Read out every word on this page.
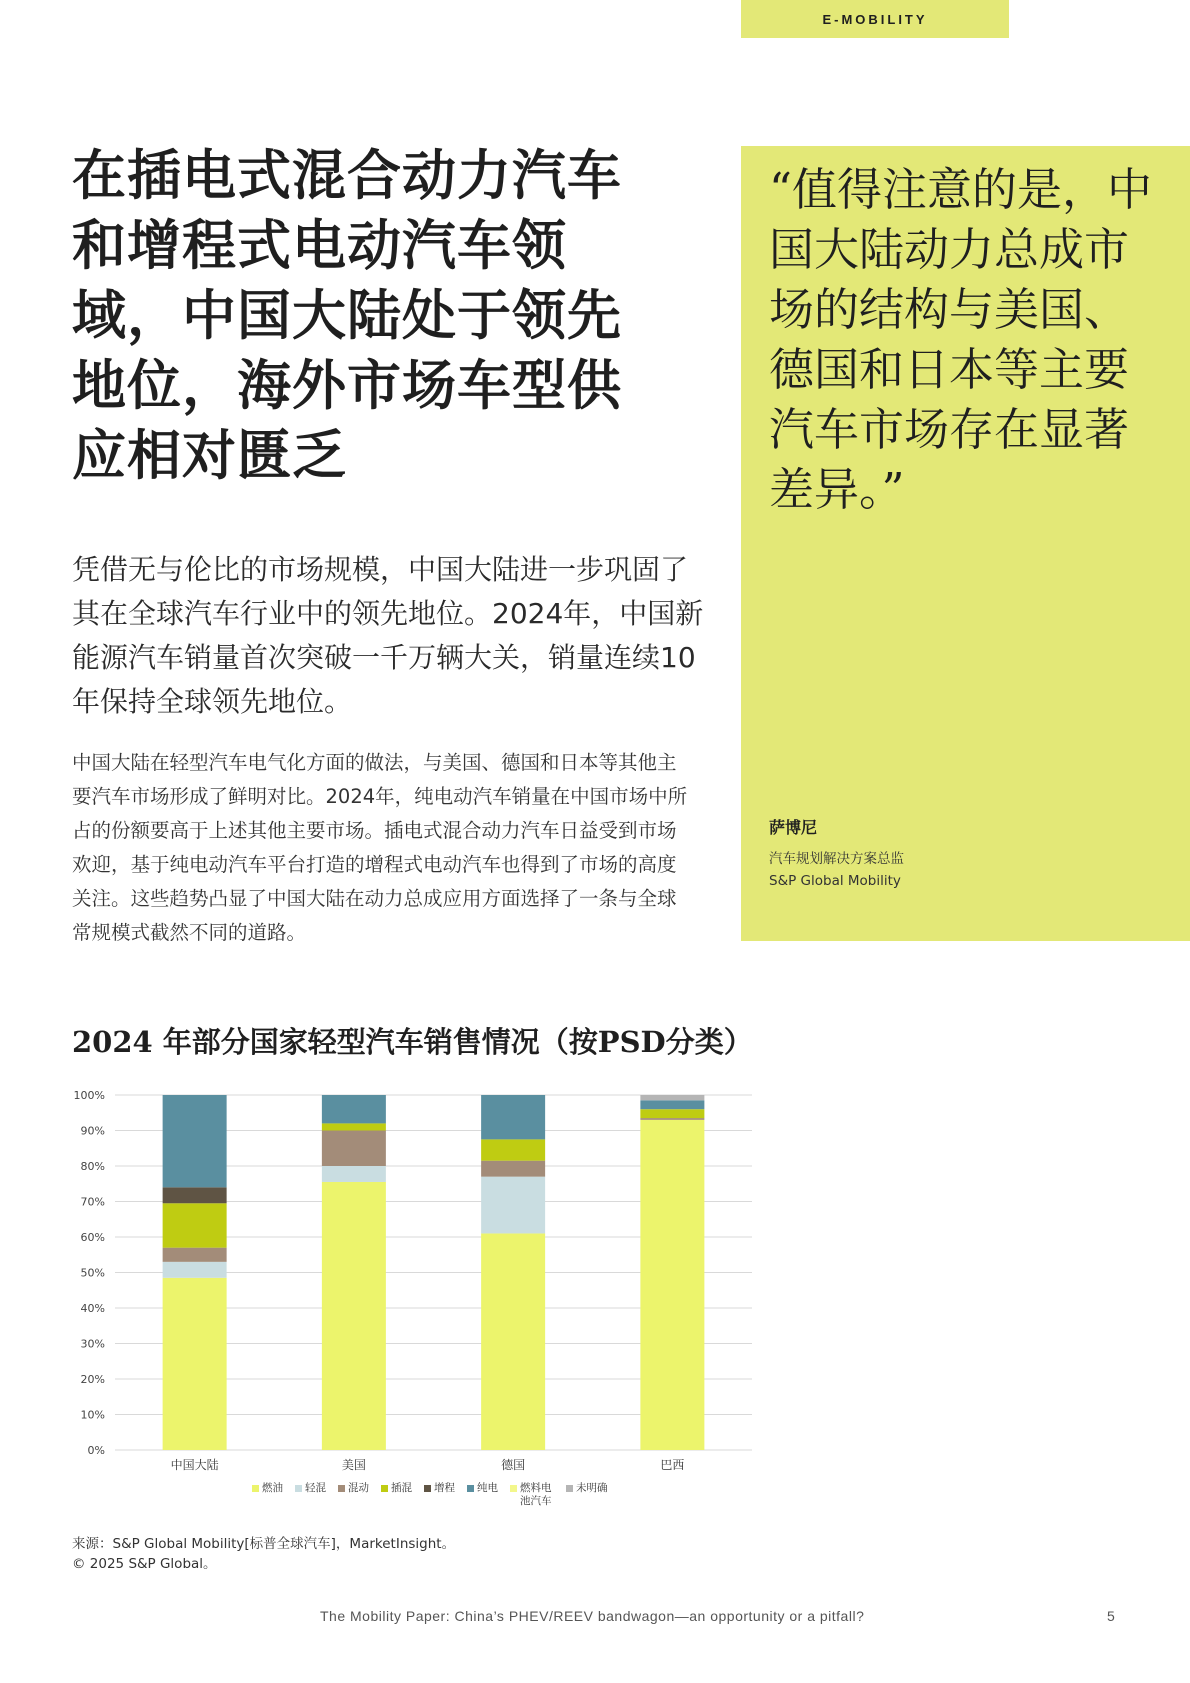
E-MOBILITY
在插电式混合动力汽车和增程式电动汽车领域，中国大陆处于领先地位，海外市场车型供应相对匮乏

凭借无与伦比的市场规模，中国大陆进一步巩固了其在全球汽车行业中的领先地位。2024年，中国新能源汽车销量首次突破一千万辆大关，销量连续10年保持全球领先地位。

中国大陆在轻型汽车电气化方面的做法，与美国、德国和日本等其他主要汽车市场形成了鲜明对比。2024年，纯电动汽车销量在中国市场中所占的份额要高于上述其他主要市场。插电式混合动力汽车日益受到市场欢迎，基于纯电动汽车平台打造的增程式电动汽车也得到了市场的高度关注。这些趋势凸显了中国大陆在动力总成应用方面选择了一条与全球常规模式截然不同的道路。

“值得注意的是，中国大陆动力总成市场的结构与美国、德国和日本等主要汽车市场存在显著差异。”

萨博尼

汽车规划解决方案总监
S&P Global Mobility
2024 年部分国家轻型汽车销售情况（按PSD分类）
0%
10%
20%
30%
40%
50%
60%
70%
80%
90%
100%
中国大陆	美国	德国	巴西
燃油 轻混 混动 插混 增程 纯电 燃料电池汽车
未明确
来源：S&P Global Mobility[标普全球汽车]，MarketInsight。
© 2025 S&P Global。

The Mobility Paper: China’s PHEV/REEV bandwagon—an opportunity or a pitfall?	5
